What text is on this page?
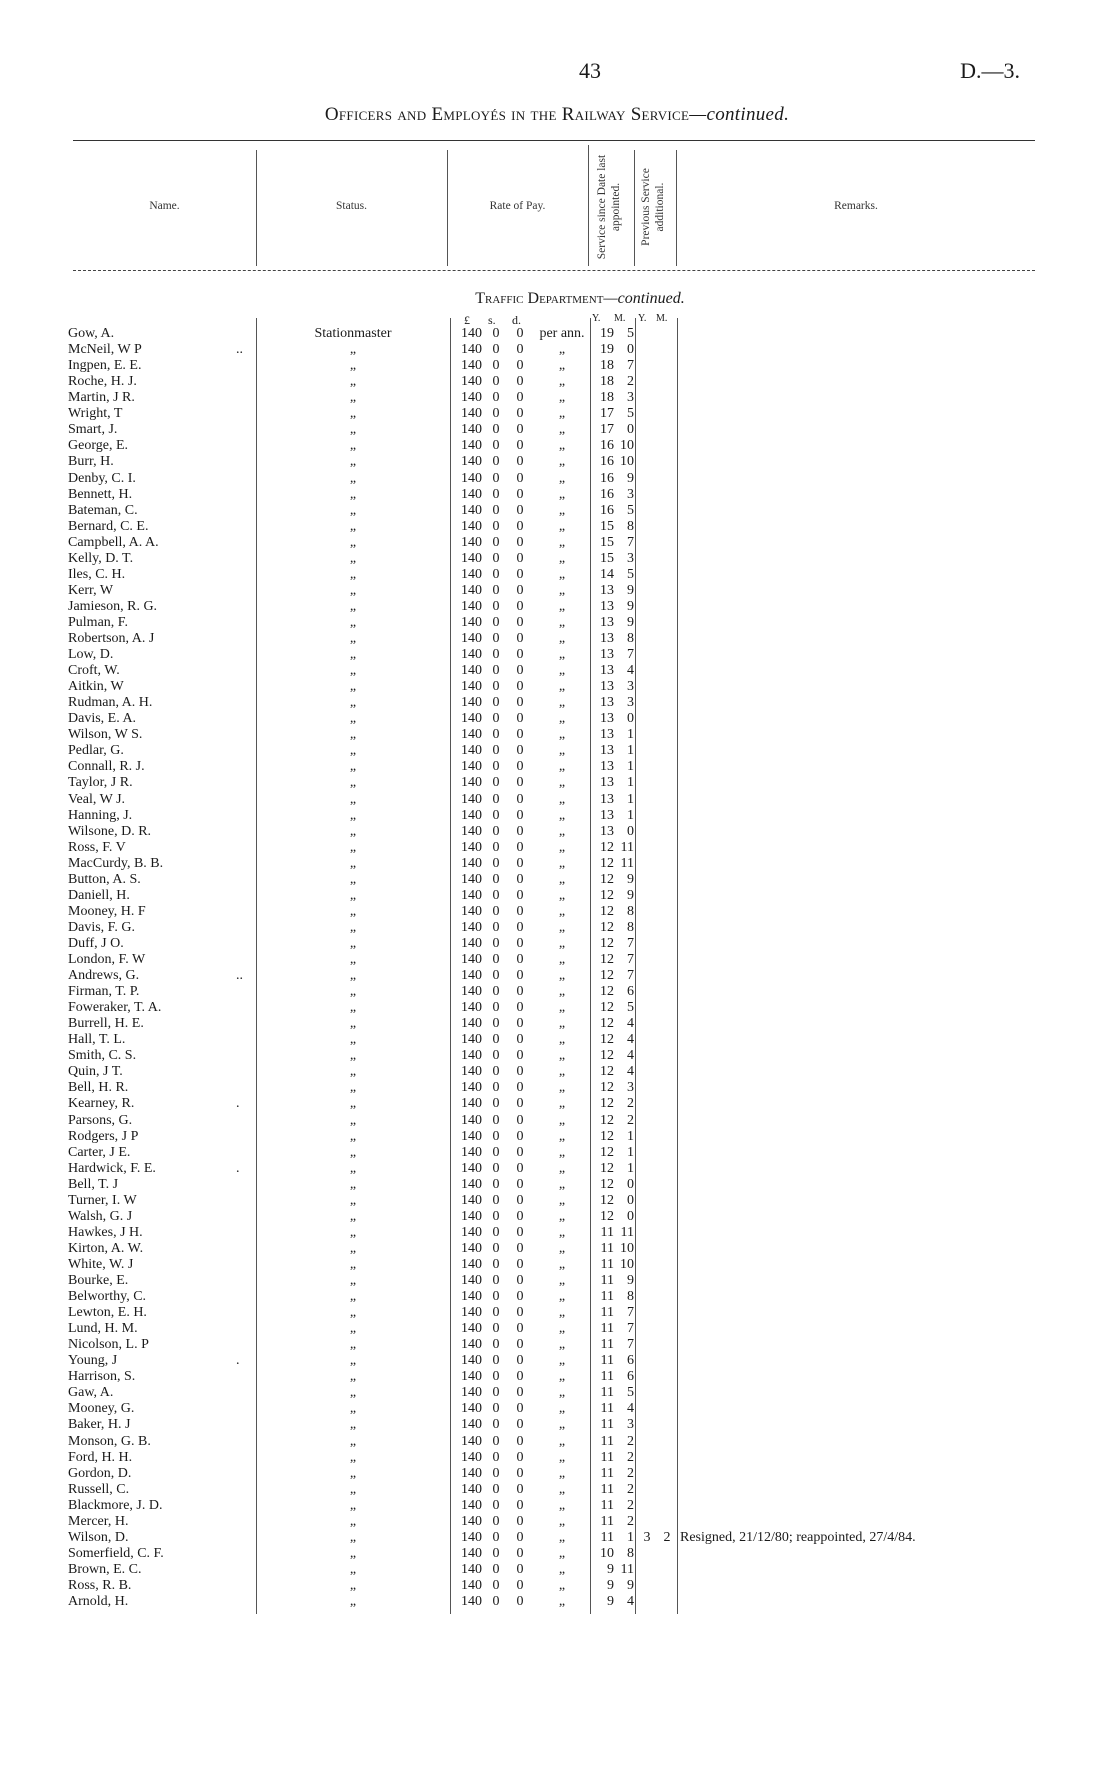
43	D.—3.
Officers and Employés in the Railway Service—continued.
Name.	Status.	Rate of Pay.	Service since Date last appointed.	Previous Service additional.	Remarks.
Traffic Department—continued.
£ s. d.	Y. M. Y. M.
Gow, A.	Stationmaster	140 0 0	per ann.	19 5
McNeil, W P	..	„	140 0 0	„	19 0
Ingpen, E. E.	„	140 0 0	„	18 7
Roche, H. J.	„	140 0 0	„	18 2
Martin, J R.	„	140 0 0	„	18 3
Wright, T	„	140 0 0	„	17 5
Smart, J.	„	140 0 0	„	17 0
George, E.	„	140 0 0	„	16 10
Burr, H.	„	140 0 0	„	16 10
Denby, C. I.	„	140 0 0	„	16 9
Bennett, H.	„	140 0 0	„	16 3
Bateman, C.	„	140 0 0	„	16 5
Bernard, C. E.	„	140 0 0	„	15 8
Campbell, A. A.	„	140 0 0	„	15 7
Kelly, D. T.	„	140 0 0	„	15 3
Iles, C. H.	„	140 0 0	„	14 5
Kerr, W	„	140 0 0	„	13 9
Jamieson, R. G.	„	140 0 0	„	13 9
Pulman, F.	„	140 0 0	„	13 9
Robertson, A. J	„	140 0 0	„	13 8
Low, D.	„	140 0 0	„	13 7
Croft, W.	„	140 0 0	„	13 4
Aitkin, W	„	140 0 0	„	13 3
Rudman, A. H.	„	140 0 0	„	13 3
Davis, E. A.	„	140 0 0	„	13 0
Wilson, W S.	„	140 0 0	„	13 1
Pedlar, G.	„	140 0 0	„	13 1
Connall, R. J.	„	140 0 0	„	13 1
Taylor, J R.	„	140 0 0	„	13 1
Veal, W J.	„	140 0 0	„	13 1
Hanning, J.	„	140 0 0	„	13 1
Wilsone, D. R.	„	140 0 0	„	13 0
Ross, F. V	„	140 0 0	„	12 11
MacCurdy, B. B.	„	140 0 0	„	12 11
Button, A. S.	„	140 0 0	„	12 9
Daniell, H.	„	140 0 0	„	12 9
Mooney, H. F	„	140 0 0	„	12 8
Davis, F. G.	„	140 0 0	„	12 8
Duff, J O.	„	140 0 0	„	12 7
London, F. W	„	140 0 0	„	12 7
Andrews, G.	..	„	140 0 0	„	12 7
Firman, T. P.	„	140 0 0	„	12 6
Foweraker, T. A.	„	140 0 0	„	12 5
Burrell, H. E.	„	140 0 0	„	12 4
Hall, T. L.	„	140 0 0	„	12 4
Smith, C. S.	„	140 0 0	„	12 4
Quin, J T.	„	140 0 0	„	12 4
Bell, H. R.	„	140 0 0	„	12 3
Kearney, R.	.	„	140 0 0	„	12 2
Parsons, G.	„	140 0 0	„	12 2
Rodgers, J P	„	140 0 0	„	12 1
Carter, J E.	„	140 0 0	„	12 1
Hardwick, F. E.	.	„	140 0 0	„	12 1
Bell, T. J	„	140 0 0	„	12 0
Turner, I. W	„	140 0 0	„	12 0
Walsh, G. J	„	140 0 0	„	12 0
Hawkes, J H.	„	140 0 0	„	11 11
Kirton, A. W.	„	140 0 0	„	11 10
White, W. J	„	140 0 0	„	11 10
Bourke, E.	„	140 0 0	„	11 9
Belworthy, C.	„	140 0 0	„	11 8
Lewton, E. H.	„	140 0 0	„	11 7
Lund, H. M.	„	140 0 0	„	11 7
Nicolson, L. P	„	140 0 0	„	11 7
Young, J	.	„	140 0 0	„	11 6
Harrison, S.	„	140 0 0	„	11 6
Gaw, A.	„	140 0 0	„	11 5
Mooney, G.	„	140 0 0	„	11 4
Baker, H. J	„	140 0 0	„	11 3
Monson, G. B.	„	140 0 0	„	11 2
Ford, H. H.	„	140 0 0	„	11 2
Gordon, D.	„	140 0 0	„	11 2
Russell, C.	„	140 0 0	„	11 2
Blackmore, J. D.	„	140 0 0	„	11 2
Mercer, H.	„	140 0 0	„	11 2
Wilson, D.	„	140 0 0	„	11 1 3 2 Resigned, 21/12/80; reappointed, 27/4/84.
Somerfield, C. F.	„	140 0 0	„	10 8
Brown, E. C.	„	140 0 0	„	9 11
Ross, R. B.	„	140 0 0	„	9 9
Arnold, H.	„	140 0 0	„	9 4
